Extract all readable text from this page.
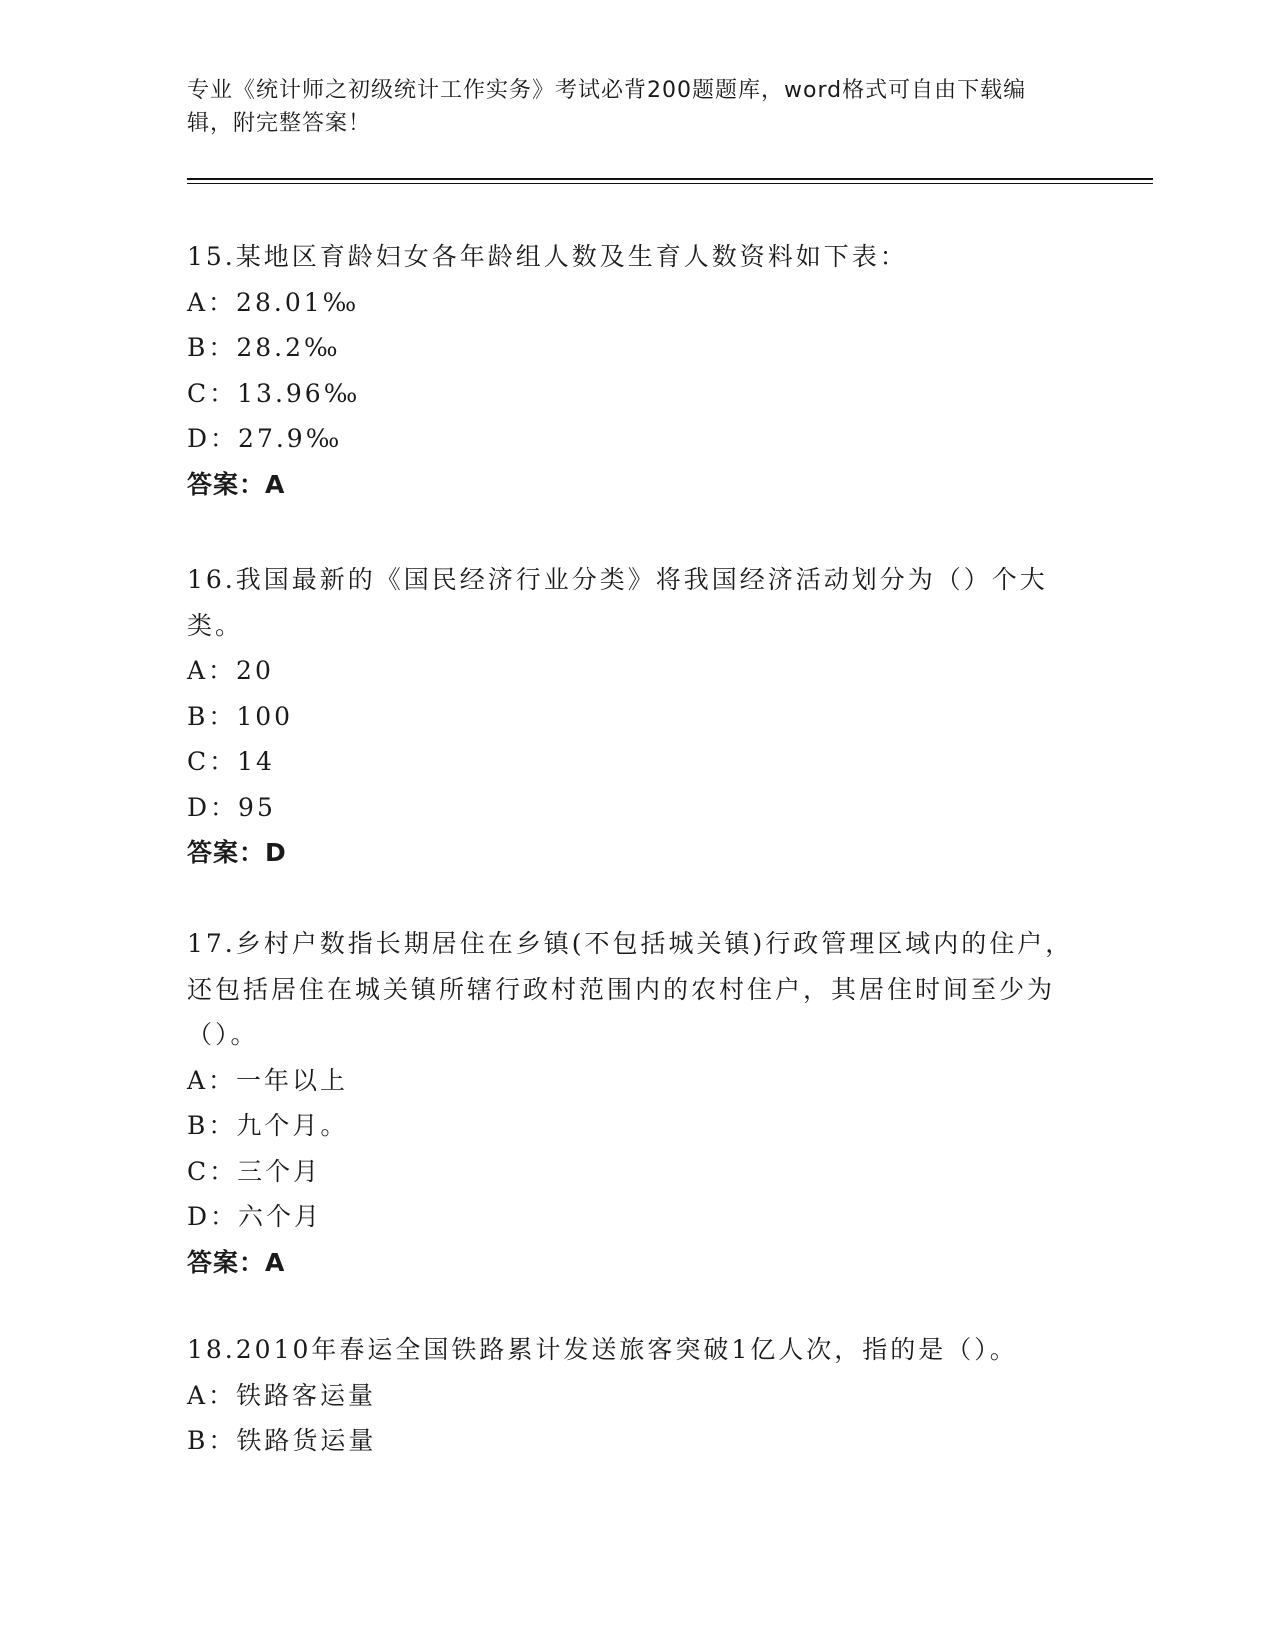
专业《统计师之初级统计工作实务》考试必背200题题库，word格式可自由下载编辑，附完整答案！
15.某地区育龄妇女各年龄组人数及生育人数资料如下表：
A：28.01‰
B：28.2‰
C：13.96‰
D：27.9‰
答案：A
16.我国最新的《国民经济行业分类》将我国经济活动划分为（）个大类。
A：20
B：100
C：14
D：95
答案：D
17.乡村户数指长期居住在乡镇(不包括城关镇)行政管理区域内的住户，还包括居住在城关镇所辖行政村范围内的农村住户，其居住时间至少为（）。
A：一年以上
B：九个月。
C：三个月
D：六个月
答案：A
18.2010年春运全国铁路累计发送旅客突破1亿人次，指的是（）。
A：铁路客运量
B：铁路货运量
